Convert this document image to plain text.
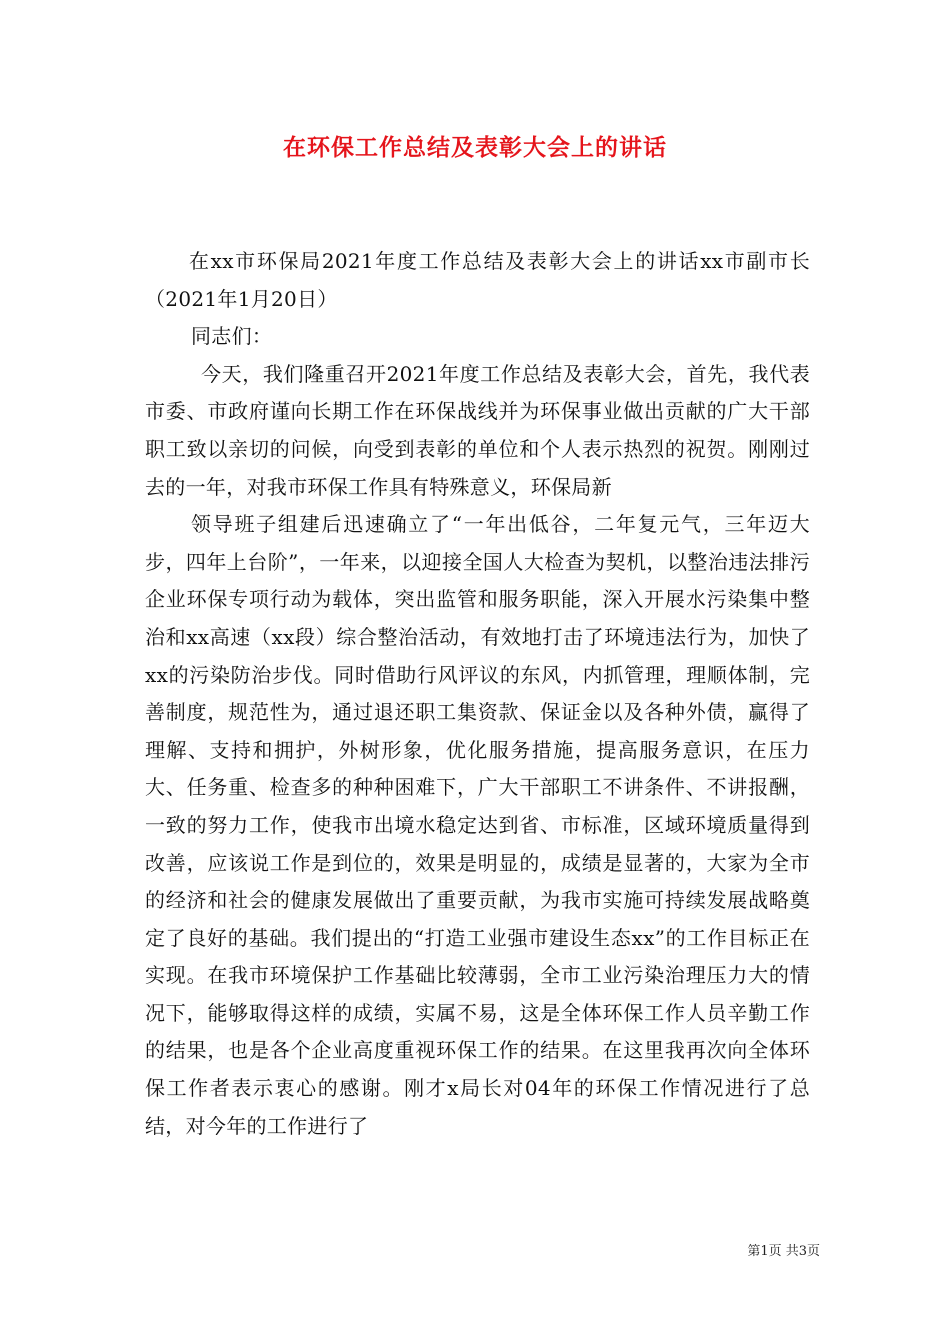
在环保工作总结及表彰大会上的讲话

在xx市环保局2021年度工作总结及表彰大会上的讲话xx市副市长（2021年1月20日）

同志们：

今天，我们隆重召开2021年度工作总结及表彰大会，首先，我代表市委、市政府谨向长期工作在环保战线并为环保事业做出贡献的广大干部职工致以亲切的问候，向受到表彰的单位和个人表示热烈的祝贺。刚刚过去的一年，对我市环保工作具有特殊意义，环保局新

领导班子组建后迅速确立了“一年出低谷，二年复元气，三年迈大步，四年上台阶”，一年来，以迎接全国人大检查为契机，以整治违法排污企业环保专项行动为载体，突出监管和服务职能，深入开展水污染集中整治和xx高速（xx段）综合整治活动，有效地打击了环境违法行为，加快了xx的污染防治步伐。同时借助行风评议的东风，内抓管理，理顺体制，完善制度，规范性为，通过退还职工集资款、保证金以及各种外债，赢得了理解、支持和拥护，外树形象，优化服务措施，提高服务意识，在压力大、任务重、检查多的种种困难下，广大干部职工不讲条件、不讲报酬，一致的努力工作，使我市出境水稳定达到省、市标准，区域环境质量得到改善，应该说工作是到位的，效果是明显的，成绩是显著的，大家为全市的经济和社会的健康发展做出了重要贡献，为我市实施可持续发展战略奠定了良好的基础。我们提出的“打造工业强市建设生态xx”的工作目标正在实现。在我市环境保护工作基础比较薄弱，全市工业污染治理压力大的情况下，能够取得这样的成绩，实属不易，这是全体环保工作人员辛勤工作的结果，也是各个企业高度重视环保工作的结果。在这里我再次向全体环保工作者表示衷心的感谢。刚才x局长对04年的环保工作情况进行了总结，对今年的工作进行了

第1页 共3页
